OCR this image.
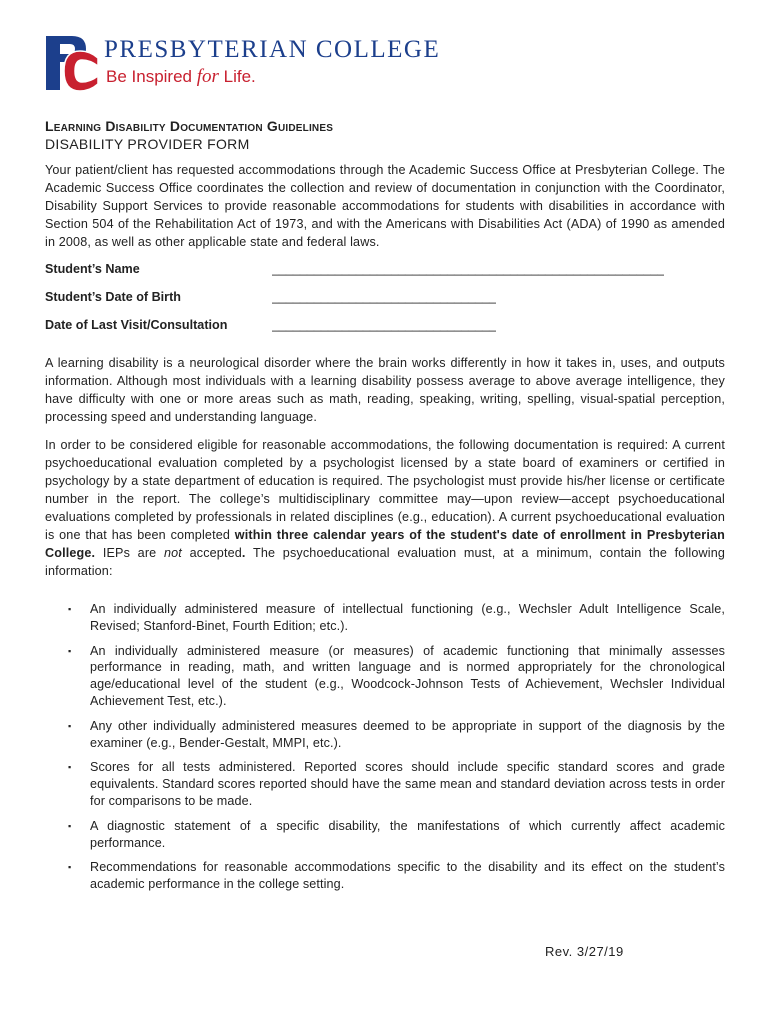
PRESBYTERIAN COLLEGE
Be Inspired for Life.
Learning Disability Documentation Guidelines
DISABILITY PROVIDER FORM

Your patient/client has requested accommodations through the Academic Success Office at Presbyterian College. The Academic Success Office coordinates the collection and review of documentation in conjunction with the Coordinator, Disability Support Services to provide reasonable accommodations for students with disabilities in accordance with Section 504 of the Rehabilitation Act of 1973, and with the Americans with Disabilities Act (ADA) of 1990 as amended in 2008, as well as other applicable state and federal laws.

Student’s Name	________________________________________________________
Student’s Date of Birth	________________________________
Date of Last Visit/Consultation	________________________________

A learning disability is a neurological disorder where the brain works differently in how it takes in, uses, and outputs information. Although most individuals with a learning disability possess average to above average intelligence, they have difficulty with one or more areas such as math, reading, speaking, writing, spelling, visual-spatial perception, processing speed and understanding language.

In order to be considered eligible for reasonable accommodations, the following documentation is required: A current psychoeducational evaluation completed by a psychologist licensed by a state board of examiners or certified in psychology by a state department of education is required. The psychologist must provide his/her license or certificate number in the report. The college’s multidisciplinary committee may—upon review—accept psychoeducational evaluations completed by professionals in related disciplines (e.g., education). A current psychoeducational evaluation is one that has been completed within three calendar years of the student's date of enrollment in Presbyterian College. IEPs are not accepted. The psychoeducational evaluation must, at a minimum, contain the following information:

▪ An individually administered measure of intellectual functioning (e.g., Wechsler Adult Intelligence Scale, Revised; Stanford-Binet, Fourth Edition; etc.).
▪ An individually administered measure (or measures) of academic functioning that minimally assesses performance in reading, math, and written language and is normed appropriately for the chronological age/educational level of the student (e.g., Woodcock-Johnson Tests of Achievement, Wechsler Individual Achievement Test, etc.).
▪ Any other individually administered measures deemed to be appropriate in support of the diagnosis by the examiner (e.g., Bender-Gestalt, MMPI, etc.).
▪ Scores for all tests administered. Reported scores should include specific standard scores and grade equivalents. Standard scores reported should have the same mean and standard deviation across tests in order for comparisons to be made.
▪ A diagnostic statement of a specific disability, the manifestations of which currently affect academic performance.
▪ Recommendations for reasonable accommodations specific to the disability and its effect on the student’s academic performance in the college setting.
Rev. 3/27/19
